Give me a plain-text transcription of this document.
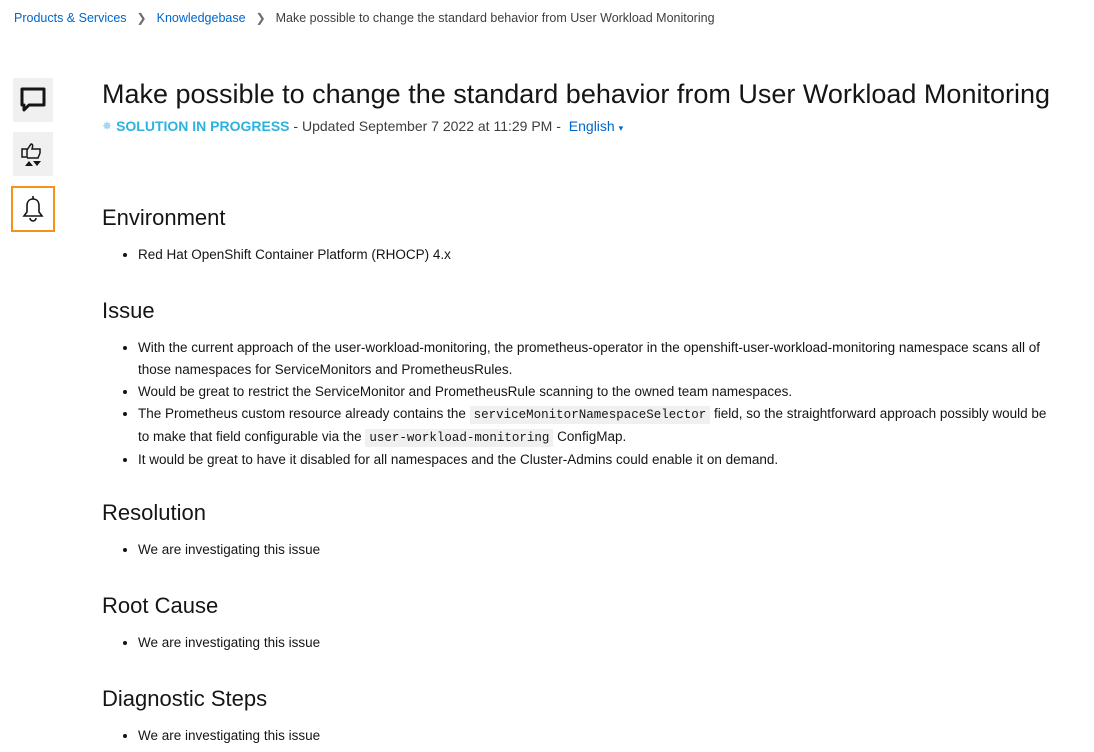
Products & Services ❯ Knowledgebase ❯ Make possible to change the standard behavior from User Workload Monitoring
Make possible to change the standard behavior from User Workload Monitoring
✸ SOLUTION IN PROGRESS - Updated September 7 2022 at 11:29 PM - English ▾
Environment
• Red Hat OpenShift Container Platform (RHOCP) 4.x
Issue
• With the current approach of the user-workload-monitoring, the prometheus-operator in the openshift-user-workload-monitoring namespace scans all of those namespaces for ServiceMonitors and PrometheusRules.
• Would be great to restrict the ServiceMonitor and PrometheusRule scanning to the owned team namespaces.
• The Prometheus custom resource already contains the serviceMonitorNamespaceSelector field, so the straightforward approach possibly would be to make that field configurable via the user-workload-monitoring ConfigMap.
• It would be great to have it disabled for all namespaces and the Cluster-Admins could enable it on demand.
Resolution
• We are investigating this issue
Root Cause
• We are investigating this issue
Diagnostic Steps
• We are investigating this issue
